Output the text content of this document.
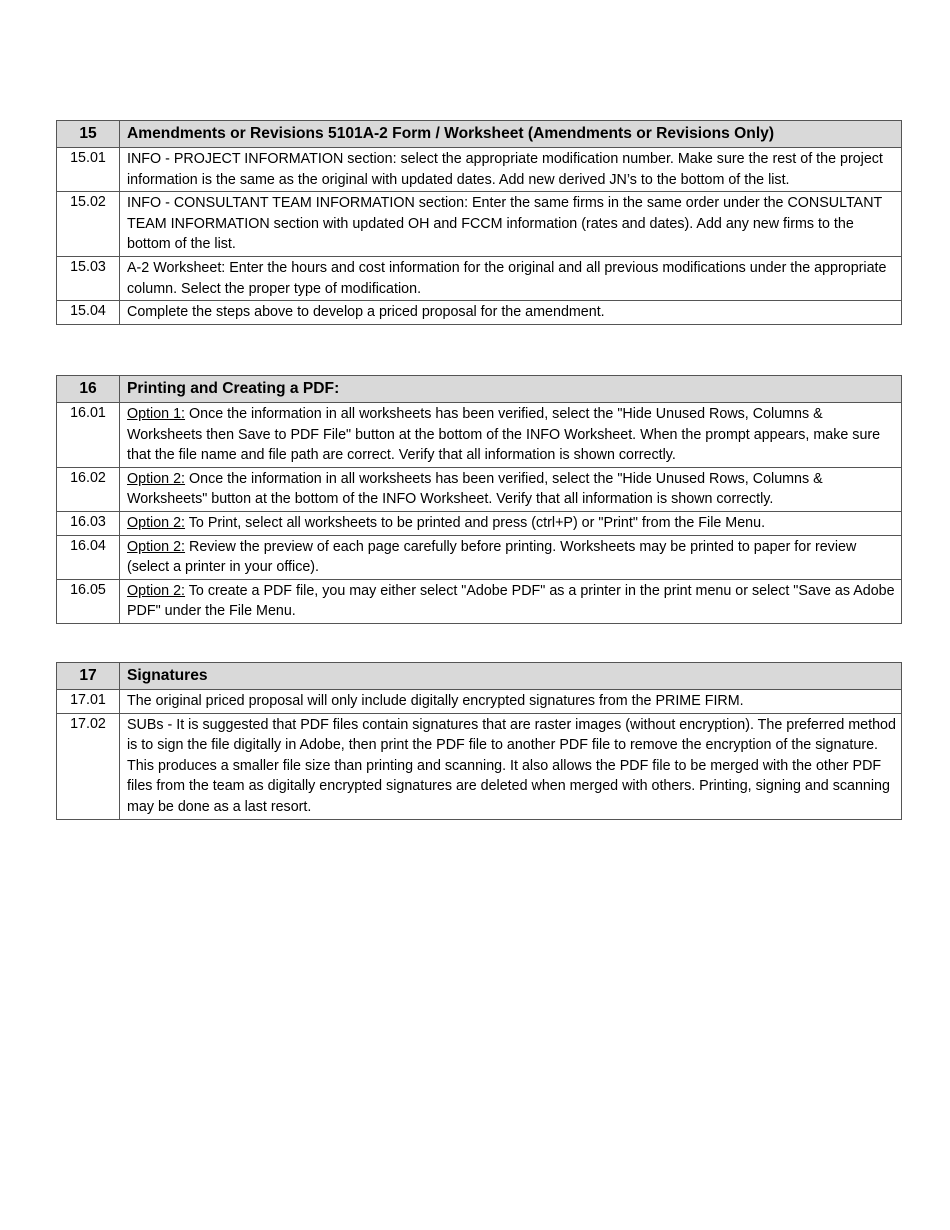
15	Amendments or Revisions 5101A-2 Form / Worksheet (Amendments or Revisions Only)
15.01	INFO - PROJECT INFORMATION section: select the appropriate modification number. Make sure the rest of the project information is the same as the original with updated dates. Add new derived JN’s to the bottom of the list.
15.02	INFO - CONSULTANT TEAM INFORMATION section: Enter the same firms in the same order under the CONSULTANT TEAM INFORMATION section with updated OH and FCCM information (rates and dates). Add any new firms to the bottom of the list.
15.03	A-2 Worksheet: Enter the hours and cost information for the original and all previous modifications under the appropriate column. Select the proper type of modification.
15.04	Complete the steps above to develop a priced proposal for the amendment.
16	Printing and Creating a PDF:
16.01	Option 1: Once the information in all worksheets has been verified, select the "Hide Unused Rows, Columns & Worksheets then Save to PDF File" button at the bottom of the INFO Worksheet. When the prompt appears, make sure that the file name and file path are correct. Verify that all information is shown correctly.
16.02	Option 2: Once the information in all worksheets has been verified, select the "Hide Unused Rows, Columns & Worksheets" button at the bottom of the INFO Worksheet. Verify that all information is shown correctly.
16.03	Option 2: To Print, select all worksheets to be printed and press (ctrl+P) or "Print" from the File Menu.
16.04	Option 2: Review the preview of each page carefully before printing. Worksheets may be printed to paper for review (select a printer in your office).
16.05	Option 2: To create a PDF file, you may either select "Adobe PDF" as a printer in the print menu or select "Save as Adobe PDF" under the File Menu.
17	Signatures
17.01	The original priced proposal will only include digitally encrypted signatures from the PRIME FIRM.
17.02	SUBs - It is suggested that PDF files contain signatures that are raster images (without encryption). The preferred method is to sign the file digitally in Adobe, then print the PDF file to another PDF file to remove the encryption of the signature. This produces a smaller file size than printing and scanning. It also allows the PDF file to be merged with the other PDF files from the team as digitally encrypted signatures are deleted when merged with others. Printing, signing and scanning may be done as a last resort.
